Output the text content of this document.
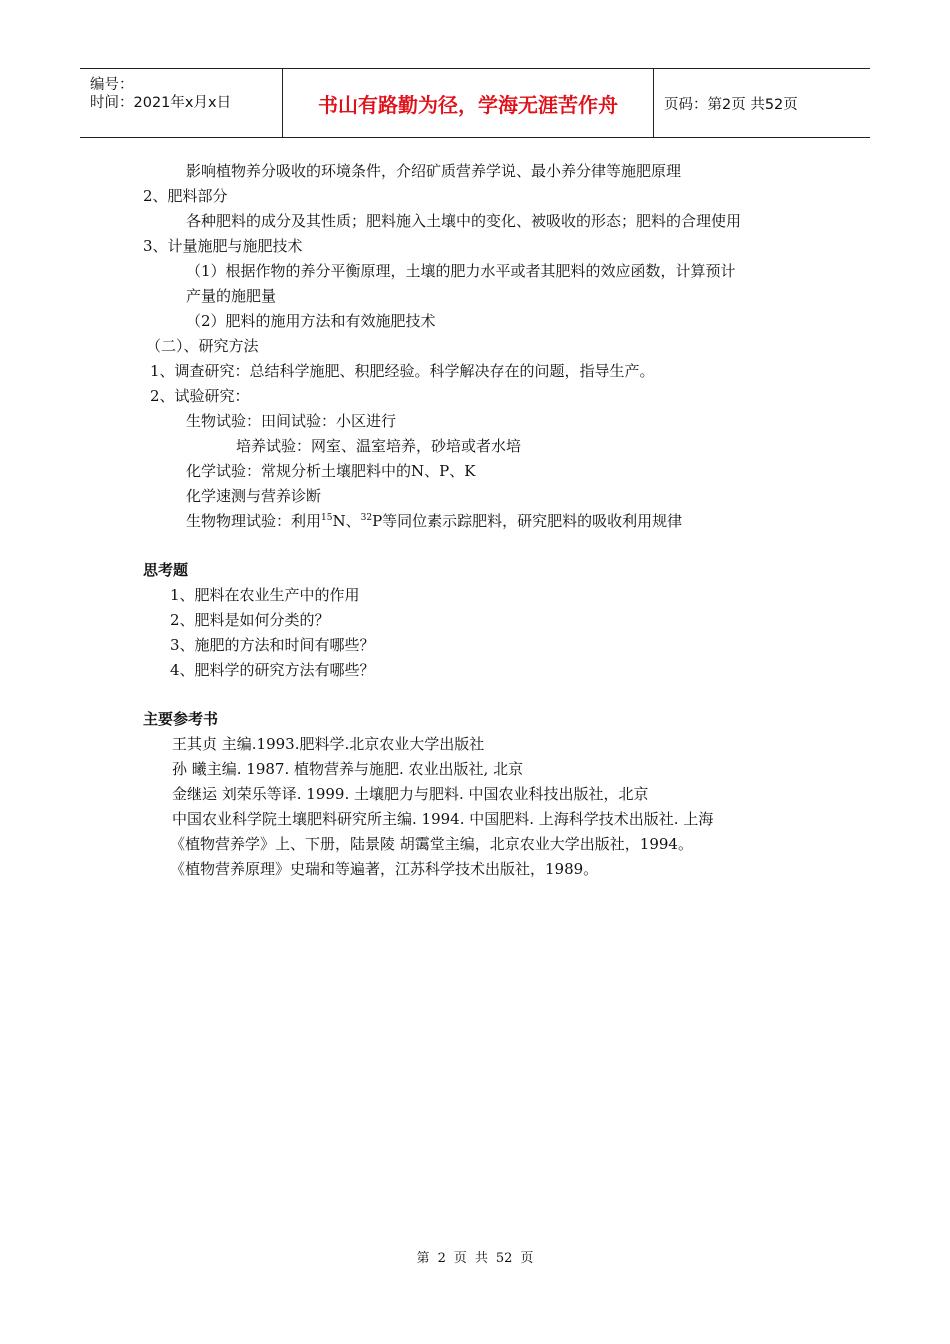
编号：
时间：2021年x月x日	书山有路勤为径，学海无涯苦作舟	页码：第2页 共52页
影响植物养分吸收的环境条件，介绍矿质营养学说、最小养分律等施肥原理
2、肥料部分
各种肥料的成分及其性质；肥料施入土壤中的变化、被吸收的形态；肥料的合理使用
3、计量施肥与施肥技术
（1）根据作物的养分平衡原理，土壤的肥力水平或者其肥料的效应函数，计算预计
产量的施肥量
（2）肥料的施用方法和有效施肥技术
（二）、研究方法
1、调查研究：总结科学施肥、积肥经验。科学解决存在的问题，指导生产。
2、试验研究：
生物试验：田间试验：小区进行
培养试验：网室、温室培养，砂培或者水培
化学试验：常规分析土壤肥料中的N、P、K
化学速测与营养诊断
生物物理试验：利用$^{15}$N、$^{32}$P等同位素示踪肥料，研究肥料的吸收利用规律
思考题
1、肥料在农业生产中的作用
2、肥料是如何分类的？
3、施肥的方法和时间有哪些？
4、肥料学的研究方法有哪些？
主要参考书
王其贞 主编.1993.肥料学.北京农业大学出版社
孙 曦主编. 1987. 植物营养与施肥. 农业出版社, 北京
金继运 刘荣乐等译. 1999. 土壤肥力与肥料. 中国农业科技出版社，北京
中国农业科学院土壤肥料研究所主编. 1994. 中国肥料. 上海科学技术出版社. 上海
《植物营养学》上、下册，陆景陵 胡霭堂主编，北京农业大学出版社，1994。
《植物营养原理》史瑞和等遍著，江苏科学技术出版社，1989。
第 2 页 共 52 页
